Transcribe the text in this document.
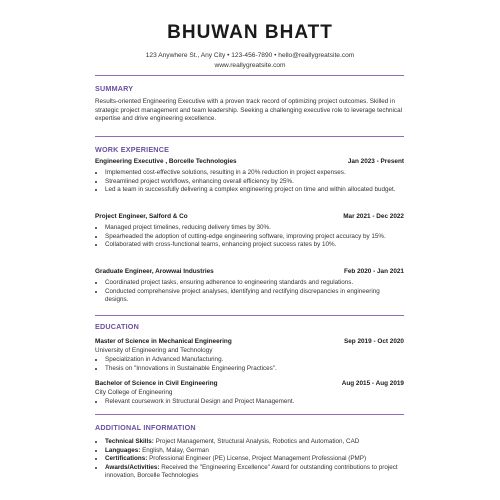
BHUWAN BHATT
123 Anywhere St., Any City • 123-456-7890 • hello@reallygreatsite.com
www.reallygreatsite.com
SUMMARY
Results-oriented Engineering Executive with a proven track record of optimizing project outcomes. Skilled in strategic project management and team leadership. Seeking a challenging executive role to leverage technical expertise and drive engineering excellence.
WORK EXPERIENCE
Engineering Executive , Borcelle Technologies	Jan 2023 - Present
• Implemented cost-effective solutions, resulting in a 20% reduction in project expenses.
• Streamlined project workflows, enhancing overall efficiency by 25%.
• Led a team in successfully delivering a complex engineering project on time and within allocated budget.
Project Engineer, Salford & Co	Mar 2021 - Dec 2022
• Managed project timelines, reducing delivery times by 30%.
• Spearheaded the adoption of cutting-edge engineering software, improving project accuracy by 15%.
• Collaborated with cross-functional teams, enhancing project success rates by 10%.
Graduate Engineer, Arowwai Industries	Feb 2020 - Jan 2021
• Coordinated project tasks, ensuring adherence to engineering standards and regulations.
• Conducted comprehensive project analyses, identifying and rectifying discrepancies in engineering designs.
EDUCATION
Master of Science in Mechanical Engineering	Sep 2019 - Oct 2020
University of Engineering and Technology
• Specialization in Advanced Manufacturing.
• Thesis on "Innovations in Sustainable Engineering Practices".
Bachelor of Science in Civil Engineering	Aug 2015 - Aug 2019
City College of Engineering
• Relevant coursework in Structural Design and Project Management.
ADDITIONAL INFORMATION
• Technical Skills: Project Management, Structural Analysis, Robotics and Automation, CAD
• Languages: English, Malay, German
• Certifications: Professional Engineer (PE) License, Project Management Professional (PMP)
• Awards/Activities: Received the "Engineering Excellence" Award for outstanding contributions to project innovation, Borcelle Technologies
